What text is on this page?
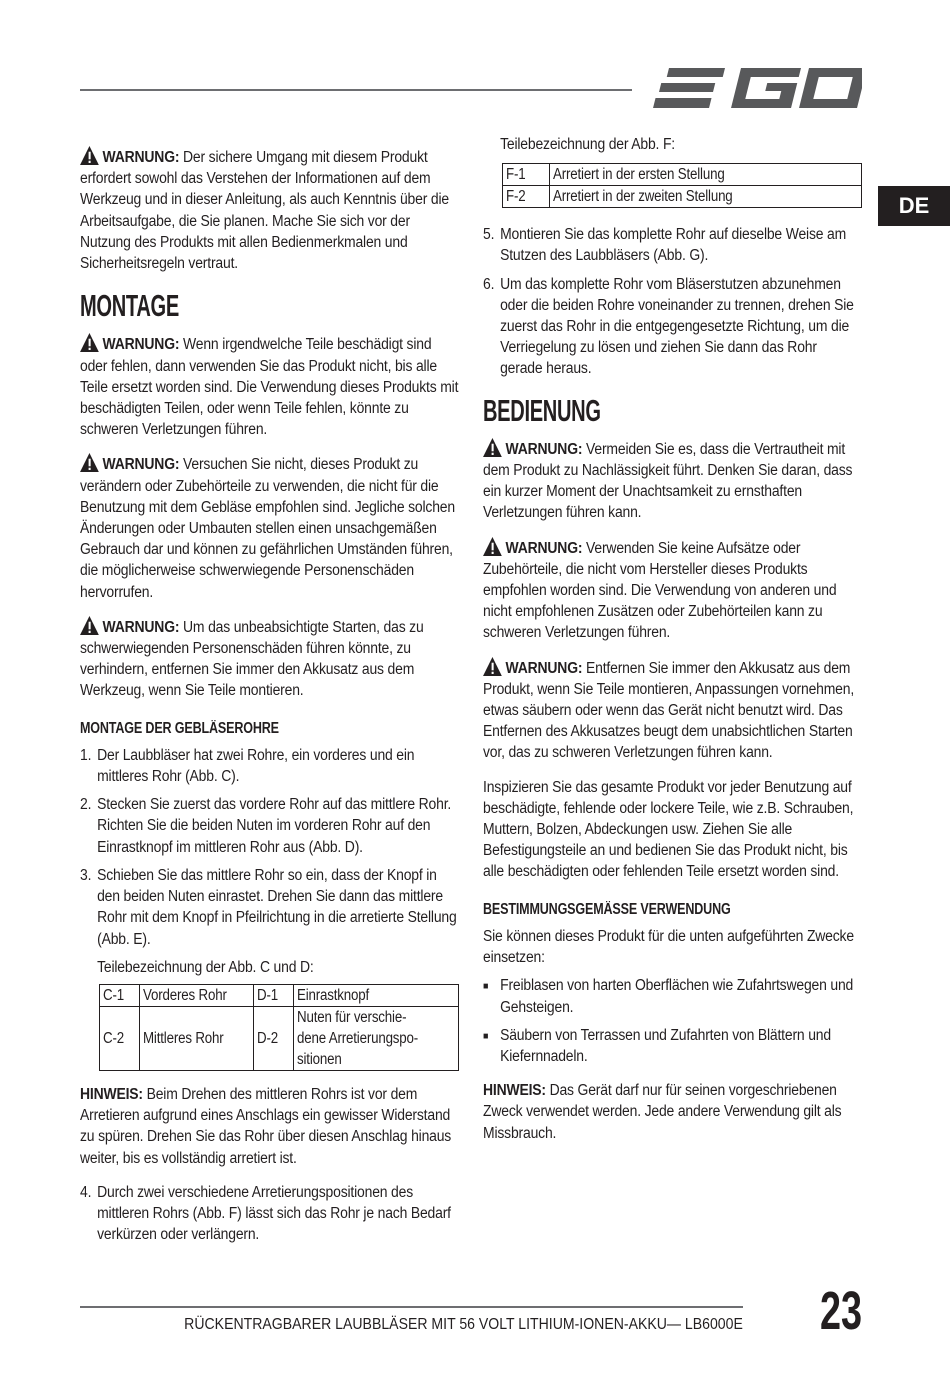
DE

WARNUNG: Der sichere Umgang mit diesem Produkt erfordert sowohl das Verstehen der Informationen auf dem Werkzeug und in dieser Anleitung, als auch Kenntnis über die Arbeitsaufgabe, die Sie planen. Mache Sie sich vor der Nutzung des Produkts mit allen Bedienmerkmalen und Sicherheitsregeln vertraut.

MONTAGE

WARNUNG: Wenn irgendwelche Teile beschädigt sind oder fehlen, dann verwenden Sie das Produkt nicht, bis alle Teile ersetzt worden sind. Die Verwendung dieses Produkts mit beschädigten Teilen, oder wenn Teile fehlen, könnte zu schweren Verletzungen führen.

WARNUNG: Versuchen Sie nicht, dieses Produkt zu verändern oder Zubehörteile zu verwenden, die nicht für die Benutzung mit dem Gebläse empfohlen sind. Jegliche solchen Änderungen oder Umbauten stellen einen unsachgemäßen Gebrauch dar und können zu gefährlichen Umständen führen, die möglicherweise schwerwiegende Personenschäden hervorrufen.

WARNUNG: Um das unbeabsichtigte Starten, das zu schwerwiegenden Personenschäden führen könnte, zu verhindern, entfernen Sie immer den Akkusatz aus dem Werkzeug, wenn Sie Teile montieren.

MONTAGE DER GEBLÄSEROHRE
1. Der Laubbläser hat zwei Rohre, ein vorderes und ein mittleres Rohr (Abb. C).
2. Stecken Sie zuerst das vordere Rohr auf das mittlere Rohr. Richten Sie die beiden Nuten im vorderen Rohr auf den Einrastknopf im mittleren Rohr aus (Abb. D).
3. Schieben Sie das mittlere Rohr so ein, dass der Knopf in den beiden Nuten einrastet. Drehen Sie dann das mittlere Rohr mit dem Knopf in Pfeilrichtung in die arretierte Stellung (Abb. E).

Teilebezeichnung der Abb. C und D:

C-1	Vorderes Rohr	D-1	Einrastknopf
C-2	Mittleres Rohr	D-2	Nuten für verschie-dene Arretierungspo-sitionen

HINWEIS: Beim Drehen des mittleren Rohrs ist vor dem Arretieren aufgrund eines Anschlags ein gewisser Widerstand zu spüren. Drehen Sie das Rohr über diesen Anschlag hinaus weiter, bis es vollständig arretiert ist.

4. Durch zwei verschiedene Arretierungspositionen des mittleren Rohrs (Abb. F) lässt sich das Rohr je nach Bedarf verkürzen oder verlängern.

Teilebezeichnung der Abb. F:

F-1	Arretiert in der ersten Stellung
F-2	Arretiert in der zweiten Stellung
5. Montieren Sie das komplette Rohr auf dieselbe Weise am Stutzen des Laubbläsers (Abb. G).
6. Um das komplette Rohr vom Bläserstutzen abzunehmen oder die beiden Rohre voneinander zu trennen, drehen Sie zuerst das Rohr in die entgegengesetzte Richtung, um die Verriegelung zu lösen und ziehen Sie dann das Rohr gerade heraus.
BEDIENUNG

WARNUNG: Vermeiden Sie es, dass die Vertrautheit mit dem Produkt zu Nachlässigkeit führt. Denken Sie daran, dass ein kurzer Moment der Unachtsamkeit zu ernsthaften Verletzungen führen kann.

WARNUNG: Verwenden Sie keine Aufsätze oder Zubehörteile, die nicht vom Hersteller dieses Produkts empfohlen worden sind. Die Verwendung von anderen und nicht empfohlenen Zusätzen oder Zubehörteilen kann zu schweren Verletzungen führen.

WARNUNG: Entfernen Sie immer den Akkusatz aus dem Produkt, wenn Sie Teile montieren, Anpassungen vornehmen, etwas säubern oder wenn das Gerät nicht benutzt wird. Das Entfernen des Akkusatzes beugt dem unabsichtlichen Starten vor, das zu schweren Verletzungen führen kann.

Inspizieren Sie das gesamte Produkt vor jeder Benutzung auf beschädigte, fehlende oder lockere Teile, wie z.B. Schrauben, Muttern, Bolzen, Abdeckungen usw. Ziehen Sie alle Befestigungsteile an und bedienen Sie das Produkt nicht, bis alle beschädigten oder fehlenden Teile ersetzt worden sind.

BESTIMMUNGSGEMÄSSE VERWENDUNG

Sie können dieses Produkt für die unten aufgeführten Zwecke einsetzen:

■ Freiblasen von harten Oberflächen wie Zufahrtswegen und Gehsteigen.
■ Säubern von Terrassen und Zufahrten von Blättern und Kiefernnadeln.

HINWEIS: Das Gerät darf nur für seinen vorgeschriebenen Zweck verwendet werden. Jede andere Verwendung gilt als Missbrauch.

RÜCKENTRAGBARER LAUBBLÄSER MIT 56 VOLT LITHIUM-IONEN-AKKU— LB6000E	23
